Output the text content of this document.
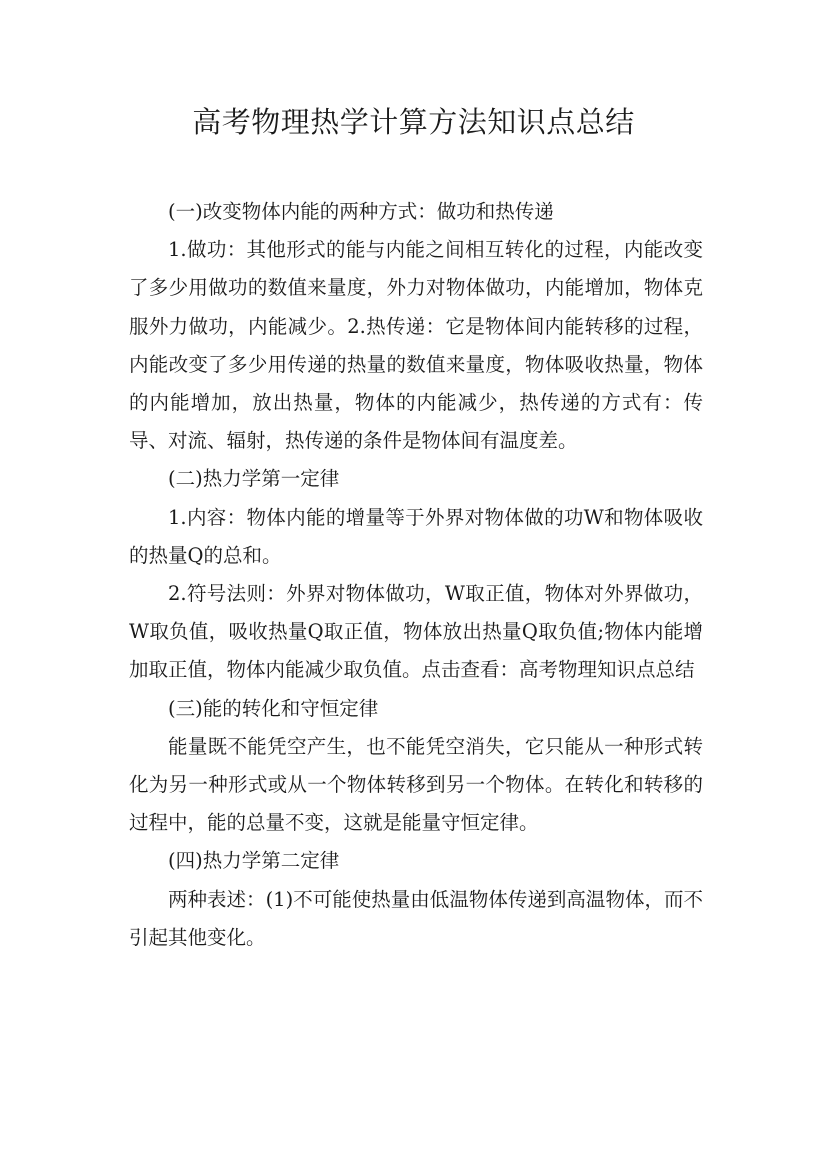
高考物理热学计算方法知识点总结

(一)改变物体内能的两种方式：做功和热传递

1.做功：其他形式的能与内能之间相互转化的过程，内能改变了多少用做功的数值来量度，外力对物体做功，内能增加，物体克服外力做功，内能减少。2.热传递：它是物体间内能转移的过程，内能改变了多少用传递的热量的数值来量度，物体吸收热量，物体的内能增加，放出热量，物体的内能减少，热传递的方式有：传导、对流、辐射，热传递的条件是物体间有温度差。

(二)热力学第一定律

1.内容：物体内能的增量等于外界对物体做的功W和物体吸收的热量Q的总和。

2.符号法则：外界对物体做功，W取正值，物体对外界做功，W取负值，吸收热量Q取正值，物体放出热量Q取负值;物体内能增加取正值，物体内能减少取负值。点击查看：高考物理知识点总结

(三)能的转化和守恒定律

能量既不能凭空产生，也不能凭空消失，它只能从一种形式转化为另一种形式或从一个物体转移到另一个物体。在转化和转移的过程中，能的总量不变，这就是能量守恒定律。

(四)热力学第二定律

两种表述：(1)不可能使热量由低温物体传递到高温物体，而不引起其他变化。
